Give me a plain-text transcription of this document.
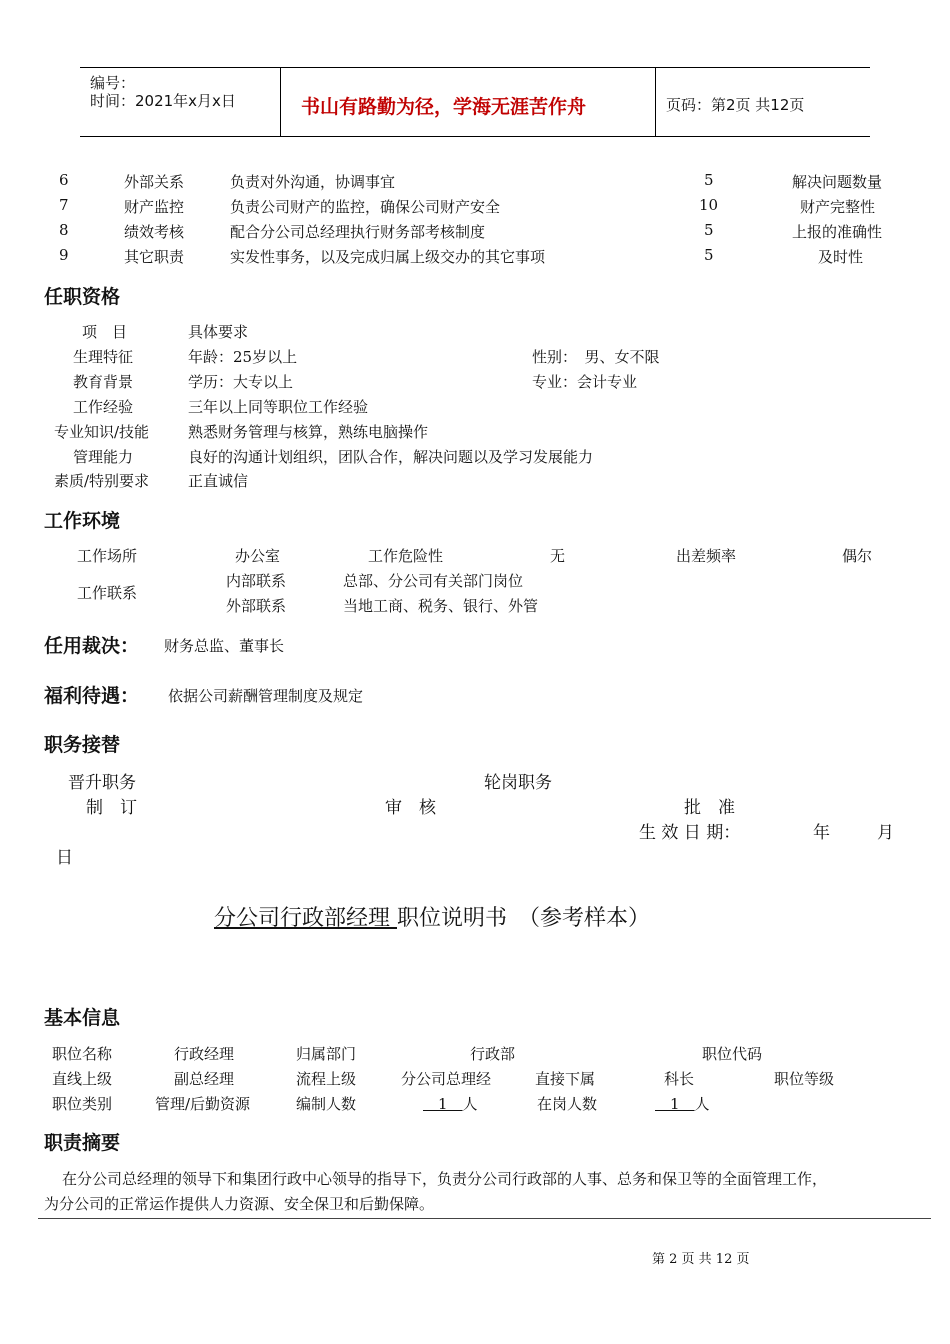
编号：
时间：2021年x月x日	书山有路勤为径，学海无涯苦作舟	页码：第2页 共12页
6	外部关系	负责对外沟通，协调事宜	5	解决问题数量
7	财产监控	负责公司财产的监控，确保公司财产安全	10	财产完整性
8	绩效考核	配合分公司总经理执行财务部考核制度	5	上报的准确性
9	其它职责	实发性事务，以及完成归属上级交办的其它事项	5	及时性
任职资格
项　目	具体要求
生理特征	年龄：25岁以上	性别：　男、女不限
教育背景	学历：大专以上	专业：会计专业
工作经验	三年以上同等职位工作经验
专业知识/技能	熟悉财务管理与核算，熟练电脑操作
管理能力	良好的沟通计划组织，团队合作，解决问题以及学习发展能力
素质/特别要求	正直诚信
工作环境
工作场所	办公室	工作危险性	无	出差频率	偶尔
工作联系
内部联系	总部、分公司有关部门岗位
外部联系	当地工商、税务、银行、外管
任用裁决： 财务总监、董事长
福利待遇： 依据公司薪酬管理制度及规定
职务接替
晋升职务	轮岗职务
制　订	审　核	批　准
生 效 日 期：	年	月
日
分公司行政部经理 职位说明书　（参考样本）
基本信息
职位名称	行政经理	归属部门	行政部	职位代码
直线上级	副总经理	流程上级	分公司总理经	直接下属	科长	职位等级
职位类别	管理/后勤资源	编制人数	　1　人	在岗人数	　1　人
职责摘要
在分公司总经理的领导下和集团行政中心领导的指导下，负责分公司行政部的人事、总务和保卫等的全面管理工作，
为分公司的正常运作提供人力资源、安全保卫和后勤保障。
第 2 页 共 12 页
